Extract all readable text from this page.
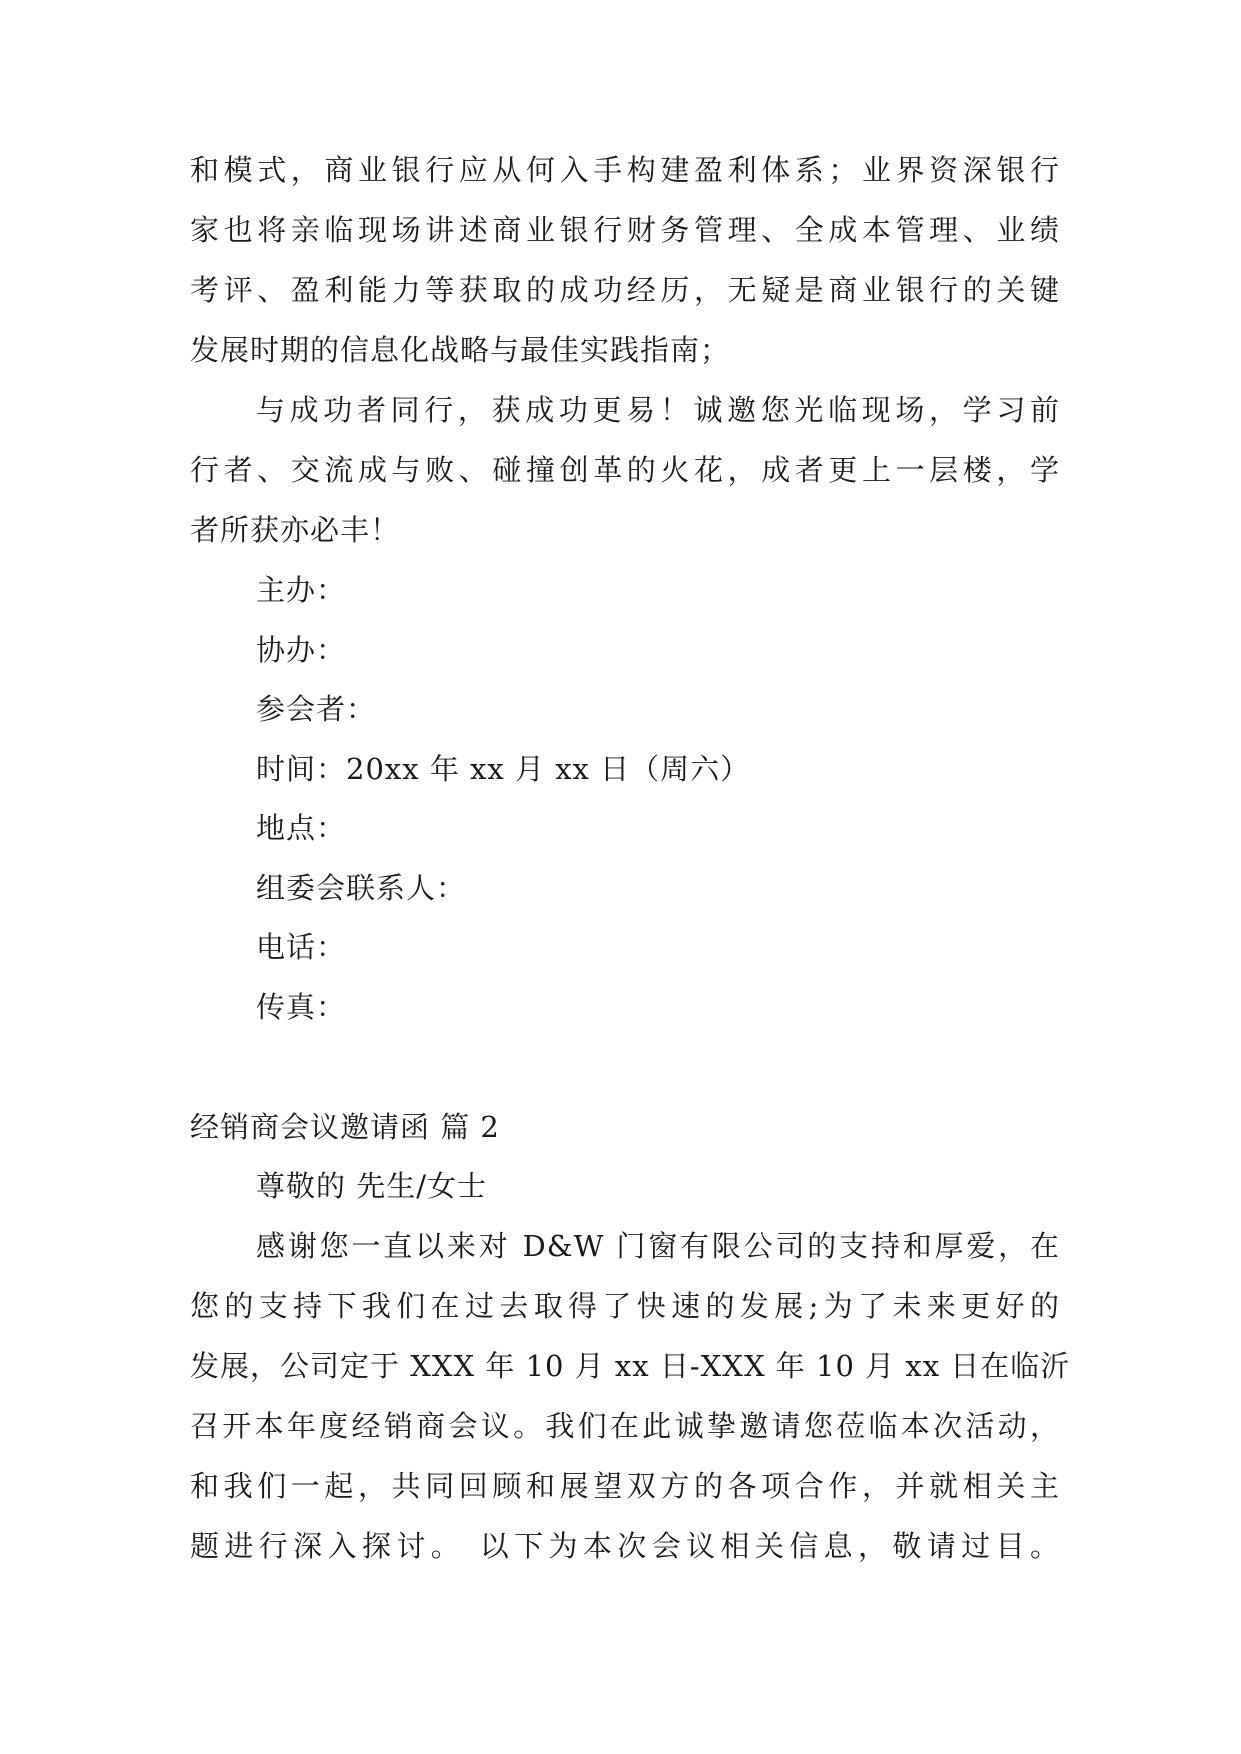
和模式，商业银行应从何入手构建盈利体系；业界资深银行

家也将亲临现场讲述商业银行财务管理、全成本管理、业绩

考评、盈利能力等获取的成功经历，无疑是商业银行的关键

发展时期的信息化战略与最佳实践指南；

与成功者同行，获成功更易！诚邀您光临现场，学习前

行者、交流成与败、碰撞创革的火花，成者更上一层楼，学

者所获亦必丰！

主办：

协办：

参会者：

时间：20xx 年 xx 月 xx 日（周六）

地点：

组委会联系人：

电话：

传真：

经销商会议邀请函 篇 2

尊敬的 先生/女士

感谢您一直以来对 D&W 门窗有限公司的支持和厚爱，在

您的支持下我们在过去取得了快速的发展;为了未来更好的

发展，公司定于 XXX 年 10 月 xx 日-XXX 年 10 月 xx 日在临沂

召开本年度经销商会议。我们在此诚挚邀请您莅临本次活动，

和我们一起，共同回顾和展望双方的各项合作，并就相关主

题进行深入探讨。 以下为本次会议相关信息，敬请过目。
